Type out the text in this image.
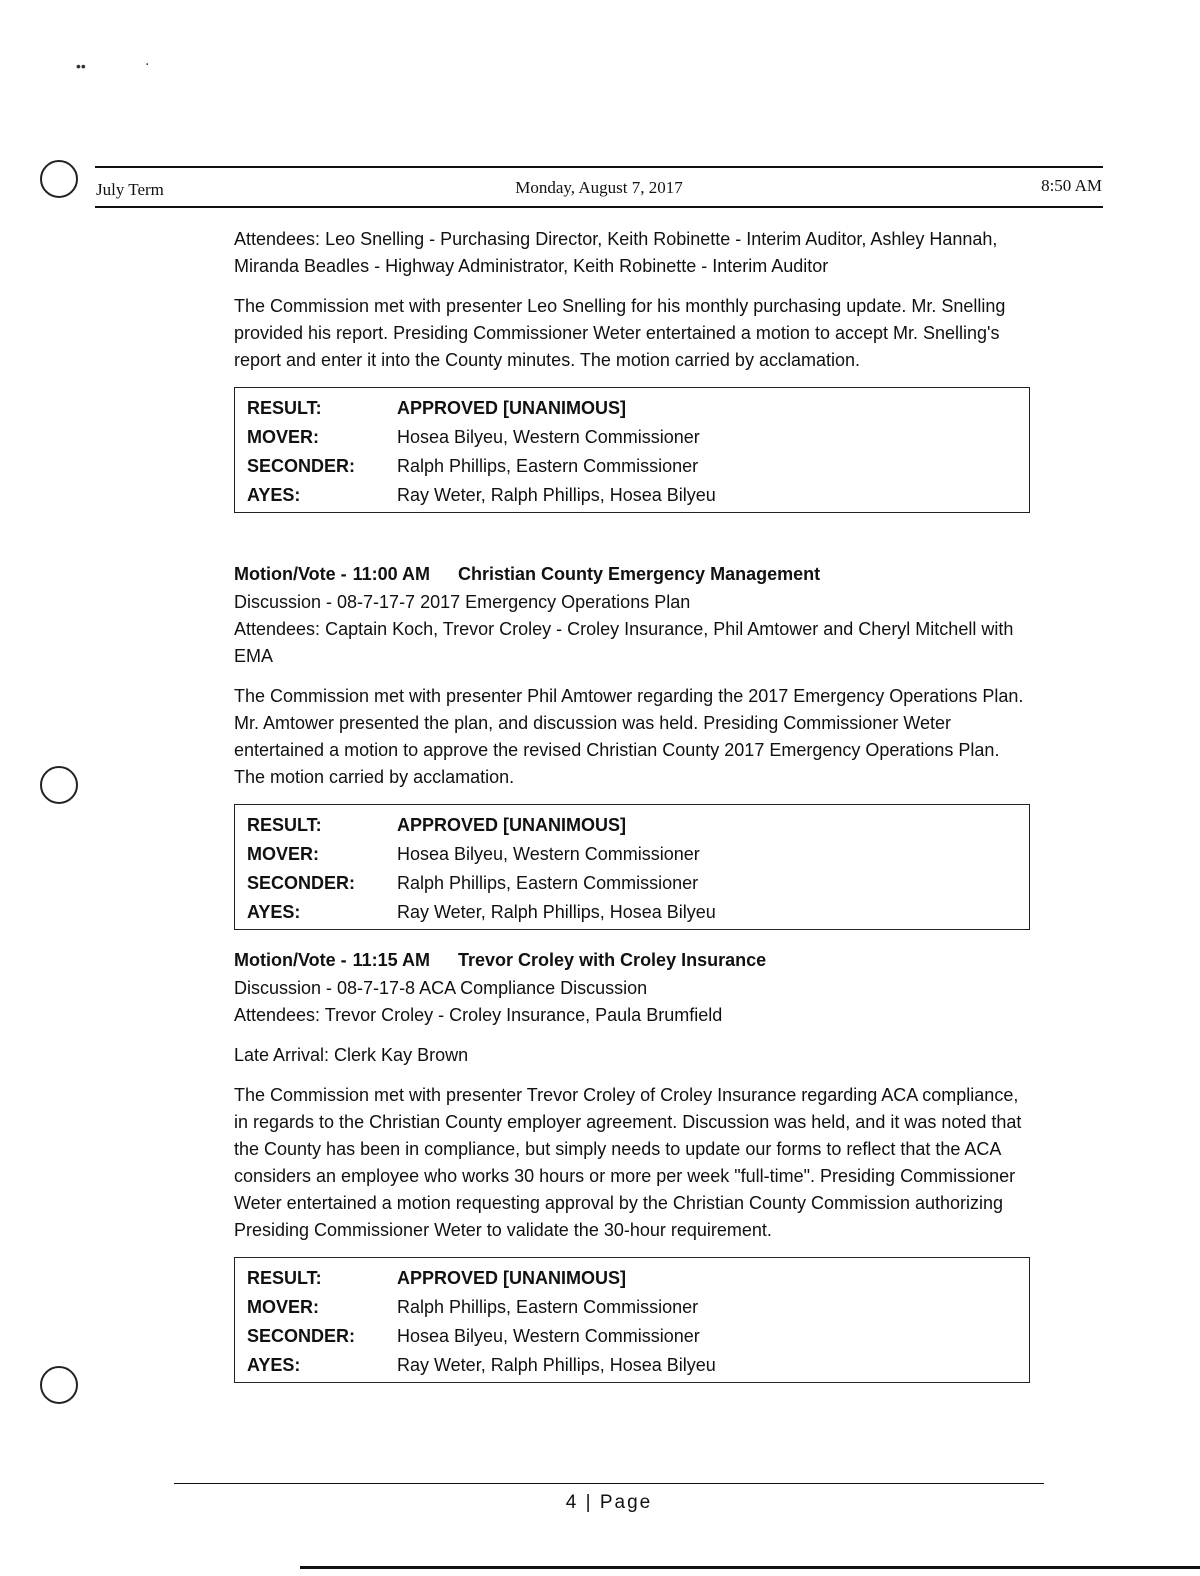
••	⋅
July Term	Monday, August 7, 2017	8:50 AM

Attendees: Leo Snelling - Purchasing Director, Keith Robinette - Interim Auditor, Ashley Hannah, Miranda Beadles - Highway Administrator, Keith Robinette - Interim Auditor

The Commission met with presenter Leo Snelling for his monthly purchasing update. Mr. Snelling provided his report. Presiding Commissioner Weter entertained a motion to accept Mr. Snelling's report and enter it into the County minutes. The motion carried by acclamation.

RESULT:	APPROVED [UNANIMOUS]
MOVER:	Hosea Bilyeu, Western Commissioner
SECONDER:	Ralph Phillips, Eastern Commissioner
AYES:	Ray Weter, Ralph Phillips, Hosea Bilyeu
Motion/Vote - 11:00 AM Christian County Emergency Management
Discussion - 08-7-17-7 2017 Emergency Operations Plan

Attendees: Captain Koch, Trevor Croley - Croley Insurance, Phil Amtower and Cheryl Mitchell with EMA

The Commission met with presenter Phil Amtower regarding the 2017 Emergency Operations Plan. Mr. Amtower presented the plan, and discussion was held. Presiding Commissioner Weter entertained a motion to approve the revised Christian County 2017 Emergency Operations Plan. The motion carried by acclamation.

RESULT:	APPROVED [UNANIMOUS]
MOVER:	Hosea Bilyeu, Western Commissioner
SECONDER:	Ralph Phillips, Eastern Commissioner
AYES:	Ray Weter, Ralph Phillips, Hosea Bilyeu
Motion/Vote - 11:15 AM Trevor Croley with Croley Insurance
Discussion - 08-7-17-8 ACA Compliance Discussion

Attendees: Trevor Croley - Croley Insurance, Paula Brumfield

Late Arrival: Clerk Kay Brown

The Commission met with presenter Trevor Croley of Croley Insurance regarding ACA compliance, in regards to the Christian County employer agreement. Discussion was held, and it was noted that the County has been in compliance, but simply needs to update our forms to reflect that the ACA considers an employee who works 30 hours or more per week "full-time". Presiding Commissioner Weter entertained a motion requesting approval by the Christian County Commission authorizing Presiding Commissioner Weter to validate the 30-hour requirement.

RESULT:	APPROVED [UNANIMOUS]
MOVER:	Ralph Phillips, Eastern Commissioner
SECONDER:	Hosea Bilyeu, Western Commissioner
AYES:	Ray Weter, Ralph Phillips, Hosea Bilyeu
4 | Page
